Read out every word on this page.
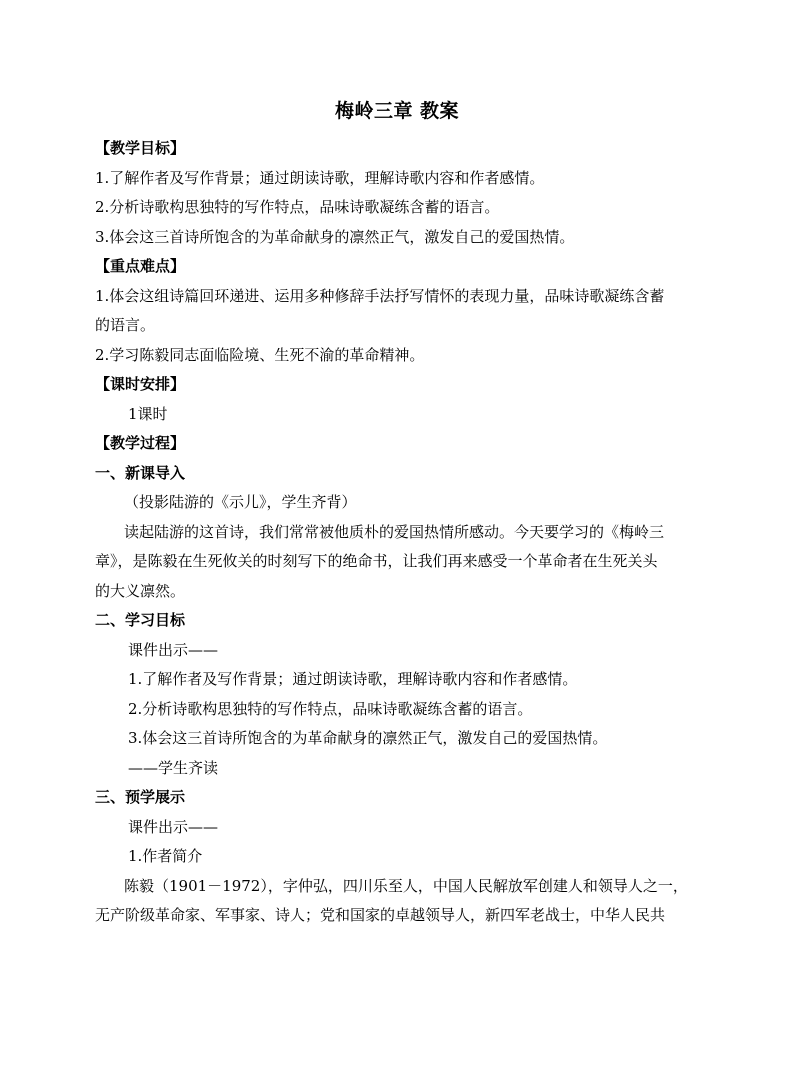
梅岭三章 教案
【教学目标】
1.了解作者及写作背景；通过朗读诗歌，理解诗歌内容和作者感情。
2.分析诗歌构思独特的写作特点，品味诗歌凝练含蓄的语言。
3.体会这三首诗所饱含的为革命献身的凛然正气，激发自己的爱国热情。
【重点难点】
1.体会这组诗篇回环递进、运用多种修辞手法抒写情怀的表现力量，品味诗歌凝练含蓄
的语言。
2.学习陈毅同志面临险境、生死不渝的革命精神。
【课时安排】
1课时
【教学过程】
一、新课导入
（投影陆游的《示儿》，学生齐背）
读起陆游的这首诗，我们常常被他质朴的爱国热情所感动。今天要学习的《梅岭三
章》，是陈毅在生死攸关的时刻写下的绝命书，让我们再来感受一个革命者在生死关头
的大义凛然。
二、学习目标
课件出示——
1.了解作者及写作背景；通过朗读诗歌，理解诗歌内容和作者感情。
2.分析诗歌构思独特的写作特点，品味诗歌凝练含蓄的语言。
3.体会这三首诗所饱含的为革命献身的凛然正气，激发自己的爱国热情。
——学生齐读
三、预学展示
课件出示——
1.作者简介
陈毅（1901－1972），字仲弘，四川乐至人，中国人民解放军创建人和领导人之一，
无产阶级革命家、军事家、诗人；党和国家的卓越领导人，新四军老战士，中华人民共
